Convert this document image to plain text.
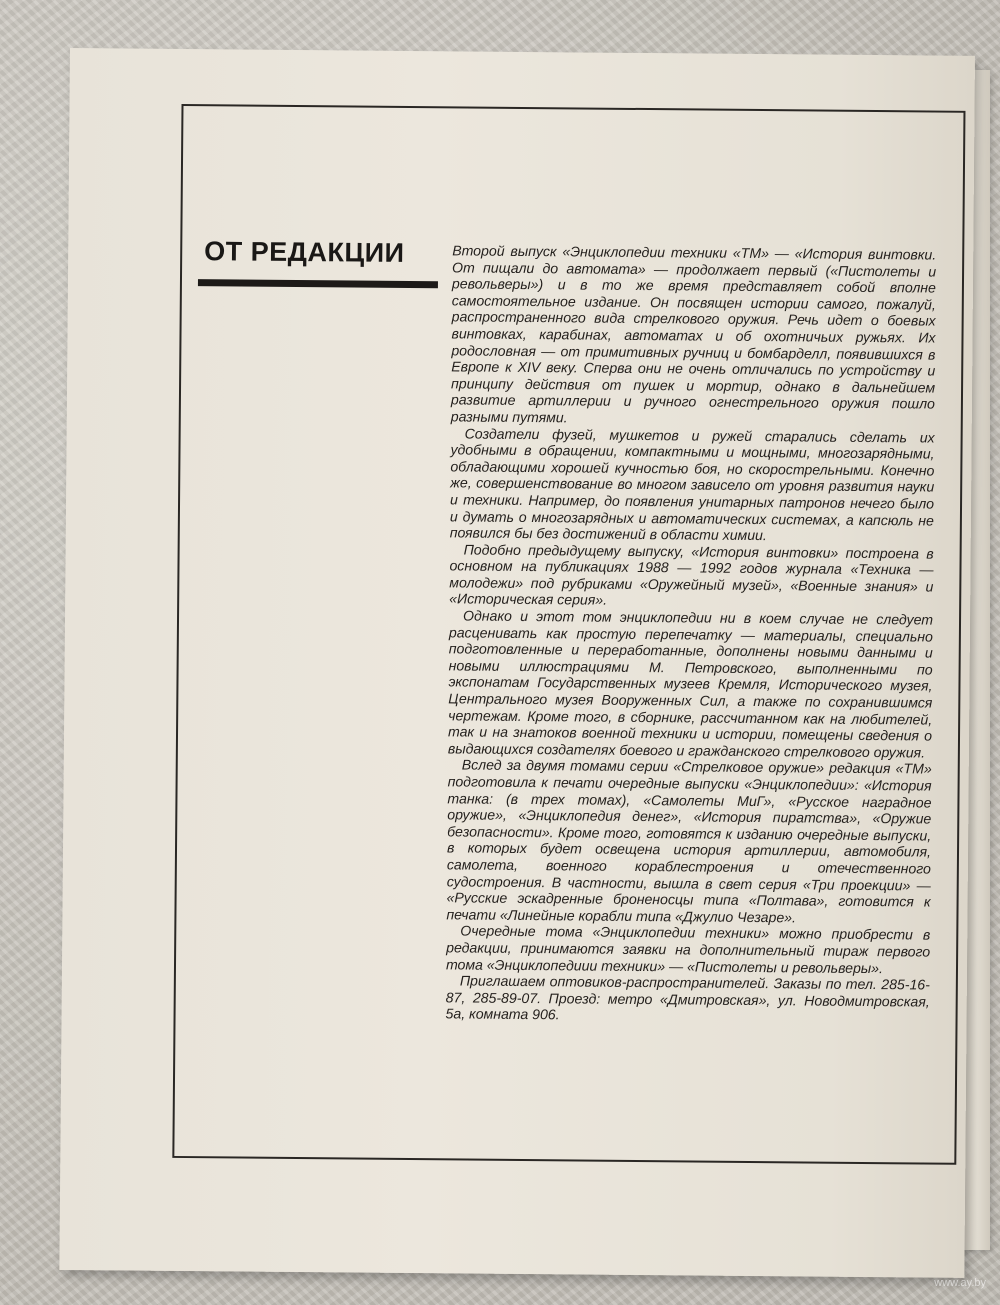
ОТ РЕДАКЦИИ	Второй выпуск «Энциклопедии техники «ТМ» — «История винтовки. От пищали до автомата» — продолжает первый («Пистолеты и револьверы») и в то же время представляет собой вполне самостоятельное издание. Он посвящен истории самого, пожалуй, распространенного вида стрелкового оружия. Речь идет о боевых винтовках, карабинах, автоматах и об охотничьих ружьях. Их родословная — от примитивных ручниц и бомбарделл, появившихся в Европе к XIV веку. Сперва они не очень отличались по устройству и принципу действия от пушек и мортир, однако в дальнейшем развитие артиллерии и ручного огнестрельного оружия пошло разными путями.

Создатели фузей, мушкетов и ружей старались сделать их удобными в обращении, компактными и мощными, многозарядными, обладающими хорошей кучностью боя, но скорострельными. Конечно же, совершенствование во многом зависело от уровня развития науки и техники. Например, до появления унитарных патронов нечего было и думать о многозарядных и автоматических системах, а капсюль не появился бы без достижений в области химии.

Подобно предыдущему выпуску, «История винтовки» построена в основном на публикациях 1988 — 1992 годов журнала «Техника — молодежи» под рубриками «Оружейный музей», «Военные знания» и «Историческая серия».

Однако и этот том энциклопедии ни в коем случае не следует расценивать как простую перепечатку — материалы, специально подготовленные и переработанные, дополнены новыми данными и новыми иллюстрациями М. Петровского, выполненными по экспонатам Государственных музеев Кремля, Исторического музея, Центрального музея Вооруженных Сил, а также по сохранившимся чертежам. Кроме того, в сборнике, рассчитанном как на любителей, так и на знатоков военной техники и истории, помещены сведения о выдающихся создателях боевого и гражданского стрелкового оружия.

Вслед за двумя томами серии «Стрелковое оружие» редакция «ТМ» подготовила к печати очередные выпуски «Энциклопедии»: «История танка: (в трех томах), «Самолеты МиГ», «Русское наградное оружие», «Энциклопедия денег», «История пиратства», «Оружие безопасности». Кроме того, готовятся к изданию очередные выпуски, в которых будет освещена история артиллерии, автомобиля, самолета, военного кораблестроения и отечественного судостроения. В частности, вышла в свет серия «Три проекции» — «Русские эскадренные броненосцы типа «Полтава», готовится к печати «Линейные корабли типа «Джулио Чезаре».

Очередные тома «Энциклопедии техники» можно приобрести в редакции, принимаются заявки на дополнительный тираж первого тома «Энциклопедиии техники» — «Пистолеты и револьверы».

Приглашаем оптовиков-распространителей. Заказы по тел. 285-16-87, 285-89-07. Проезд: метро «Дмитровская», ул. Новодмитровская, 5а, комната 906.

www.ay.by
